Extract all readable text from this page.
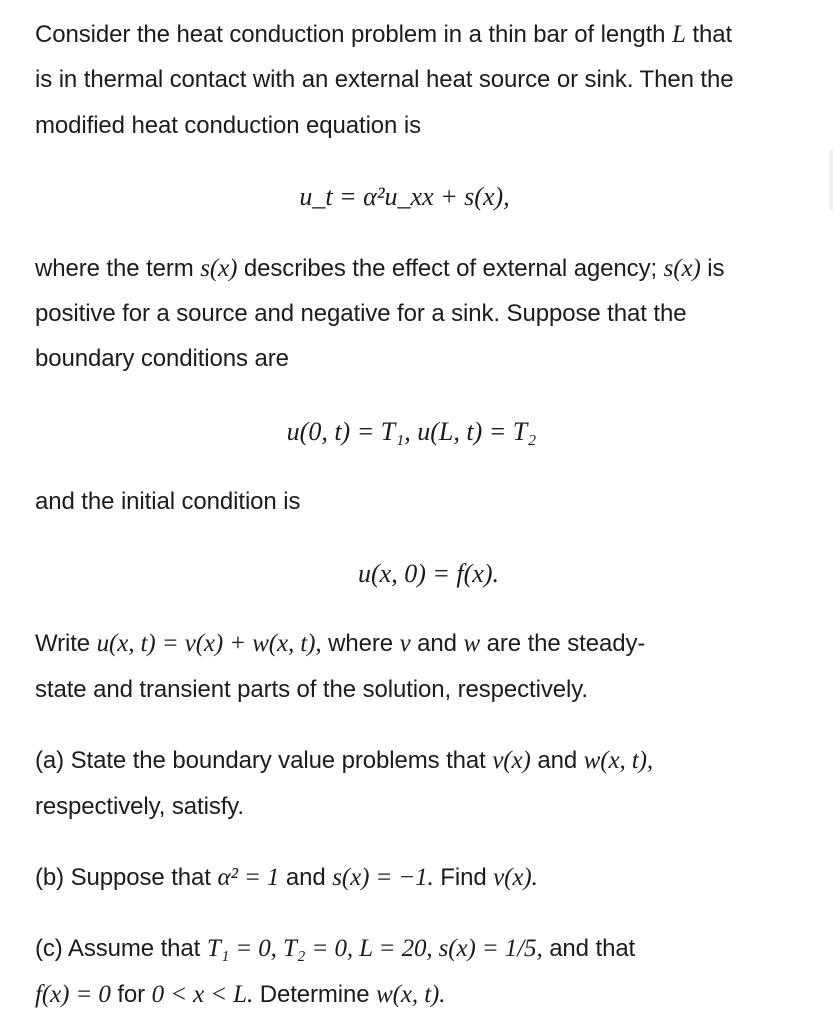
Consider the heat conduction problem in a thin bar of length L that
is in thermal contact with an external heat source or sink. Then the
modified heat conduction equation is
u_t = α²u_xx + s(x),
where the term s(x) describes the effect of external agency; s(x) is
positive for a source and negative for a sink. Suppose that the
boundary conditions are
u(0, t) = T₁, u(L, t) = T₂
and the initial condition is
u(x, 0) = f(x).
Write u(x, t) = v(x) + w(x, t), where v and w are the steady-
state and transient parts of the solution, respectively.
(a) State the boundary value problems that v(x) and w(x, t),
respectively, satisfy.
(b) Suppose that α² = 1 and s(x) = −1. Find v(x).
(c) Assume that T₁ = 0, T₂ = 0, L = 20, s(x) = 1/5, and that
f(x) = 0 for 0 < x < L. Determine w(x, t).
